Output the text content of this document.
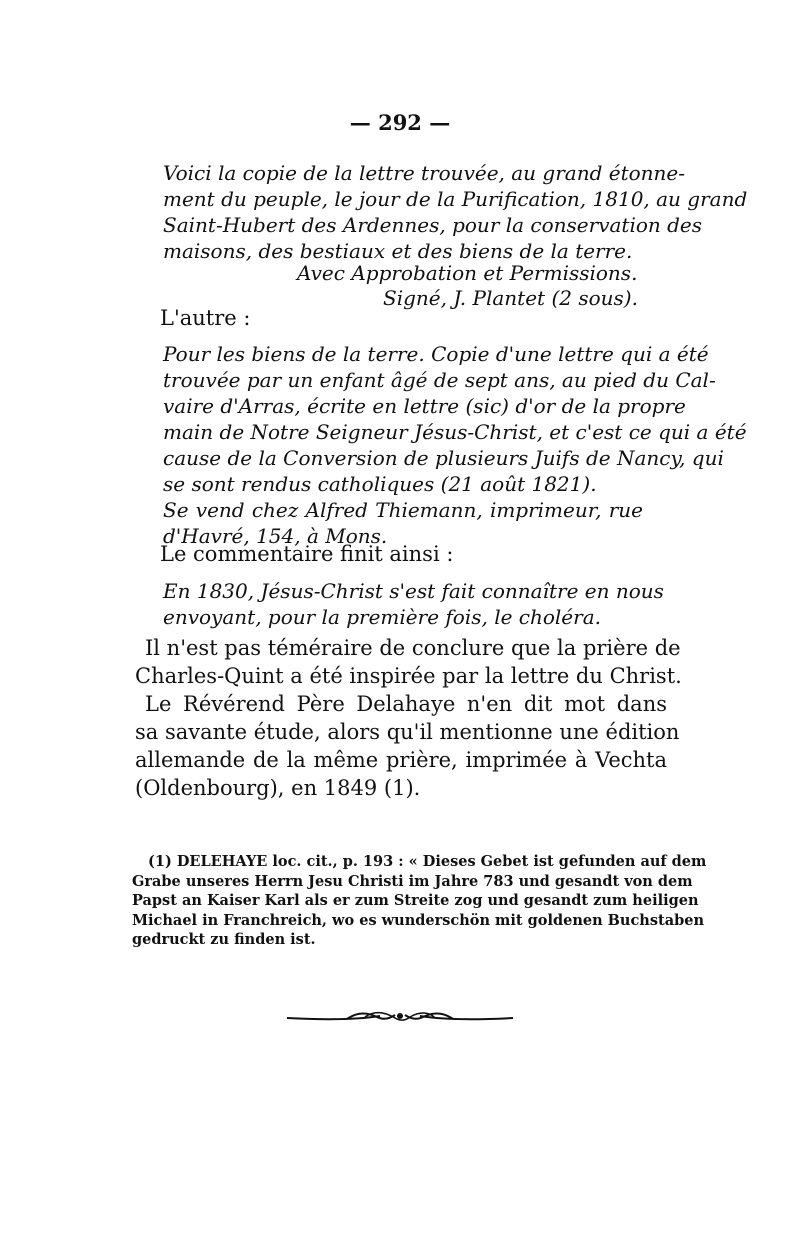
— 292 —
Voici la copie de la lettre trouvée, au grand étonne-
ment du peuple, le jour de la Purification, 1810, au grand
Saint-Hubert des Ardennes, pour la conservation des
maisons, des bestiaux et des biens de la terre.
Avec Approbation et Permissions.
Signé, J. Plantet (2 sous).
L'autre :
Pour les biens de la terre. Copie d'une lettre qui a été
trouvée par un enfant âgé de sept ans, au pied du Cal-
vaire d'Arras, écrite en lettre (sic) d'or de la propre
main de Notre Seigneur Jésus-Christ, et c'est ce qui a été
cause de la Conversion de plusieurs Juifs de Nancy, qui
se sont rendus catholiques (21 août 1821).
Se vend chez Alfred Thiemann, imprimeur, rue
d'Havré, 154, à Mons.
Le commentaire finit ainsi :
En 1830, Jésus-Christ s'est fait connaître en nous
envoyant, pour la première fois, le choléra.
Il n'est pas téméraire de conclure que la prière de
Charles-Quint a été inspirée par la lettre du Christ.
Le Révérend Père Delahaye n'en dit mot dans
sa savante étude, alors qu'il mentionne une édition
allemande de la même prière, imprimée à Vechta
(Oldenbourg), en 1849 (1).
(1) DELEHAYE loc. cit., p. 193 : « Dieses Gebet ist gefunden auf dem
Grabe unseres Herrn Jesu Christi im Jahre 783 und gesandt von dem
Papst an Kaiser Karl als er zum Streite zog und gesandt zum heiligen
Michael in Franchreich, wo es wunderschön mit goldenen Buchstaben
gedruckt zu finden ist.
